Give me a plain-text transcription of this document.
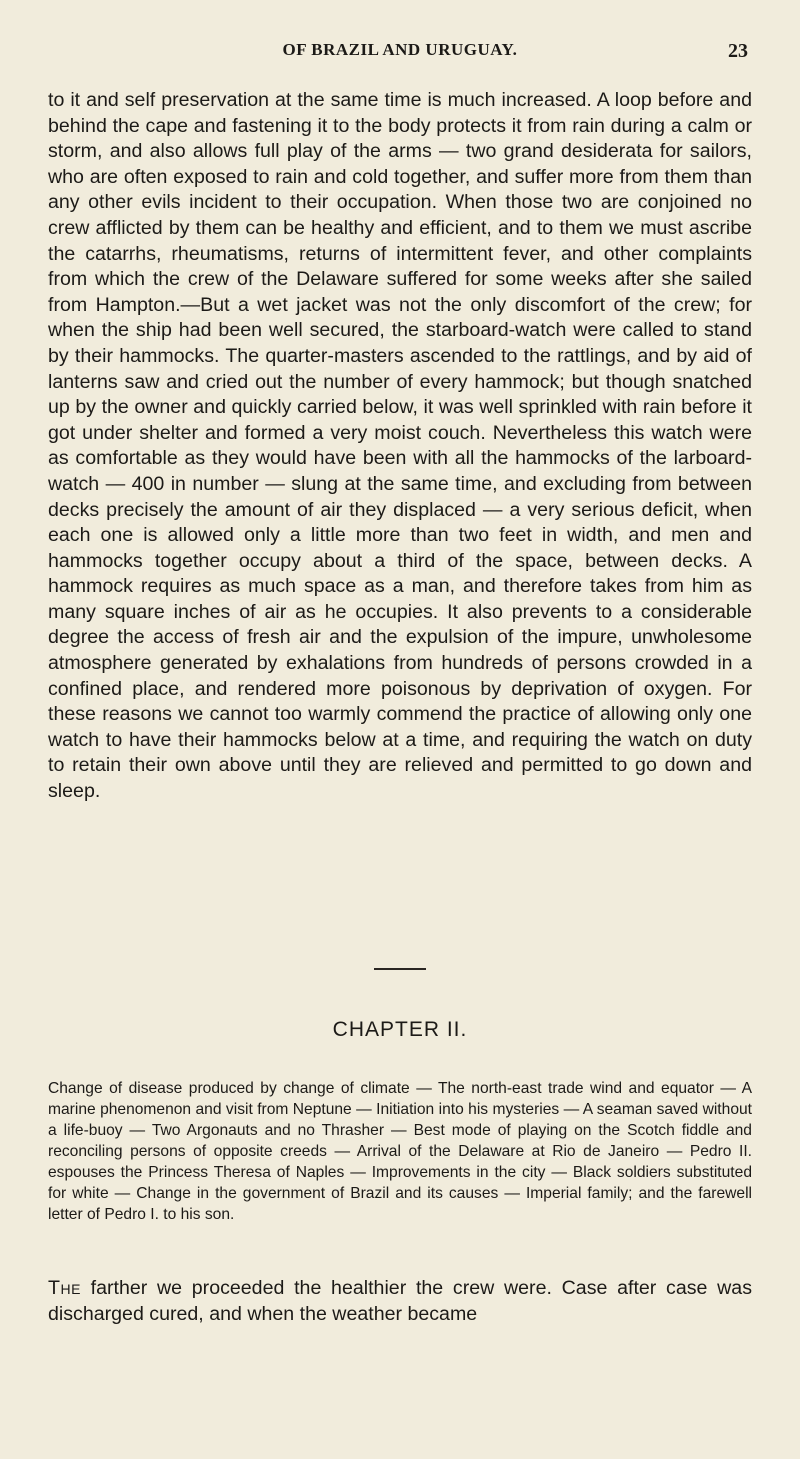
OF BRAZIL AND URUGUAY.	23

to it and self preservation at the same time is much increased. A loop before and behind the cape and fastening it to the body protects it from rain during a calm or storm, and also allows full play of the arms — two grand desiderata for sailors, who are often exposed to rain and cold together, and suffer more from them than any other evils incident to their occupation. When those two are conjoined no crew afflicted by them can be healthy and efficient, and to them we must ascribe the catarrhs, rheumatisms, returns of intermittent fever, and other complaints from which the crew of the Delaware suffered for some weeks after she sailed from Hampton.—But a wet jacket was not the only discomfort of the crew; for when the ship had been well secured, the starboard-watch were called to stand by their hammocks. The quarter-masters ascended to the rattlings, and by aid of lanterns saw and cried out the number of every hammock; but though snatched up by the owner and quickly carried below, it was well sprinkled with rain before it got under shelter and formed a very moist couch. Nevertheless this watch were as comfortable as they would have been with all the hammocks of the larboard-watch — 400 in number — slung at the same time, and excluding from between decks precisely the amount of air they displaced — a very serious deficit, when each one is allowed only a little more than two feet in width, and men and hammocks together occupy about a third of the space, between decks. A hammock requires as much space as a man, and therefore takes from him as many square inches of air as he occupies. It also prevents to a considerable degree the access of fresh air and the expulsion of the impure, unwholesome atmosphere generated by exhalations from hundreds of persons crowded in a confined place, and rendered more poisonous by deprivation of oxygen. For these reasons we cannot too warmly commend the practice of allowing only one watch to have their hammocks below at a time, and requiring the watch on duty to retain their own above until they are relieved and permitted to go down and sleep.

CHAPTER II.

Change of disease produced by change of climate — The north-east trade wind and equator — A marine phenomenon and visit from Neptune — Initiation into his mysteries — A seaman saved without a life-buoy — Two Argonauts and no Thrasher — Best mode of playing on the Scotch fiddle and reconciling persons of opposite creeds — Arrival of the Delaware at Rio de Janeiro — Pedro II. espouses the Princess Theresa of Naples — Improvements in the city — Black soldiers substituted for white — Change in the government of Brazil and its causes — Imperial family; and the farewell letter of Pedro I. to his son.

The farther we proceeded the healthier the crew were. Case after case was discharged cured, and when the weather became
